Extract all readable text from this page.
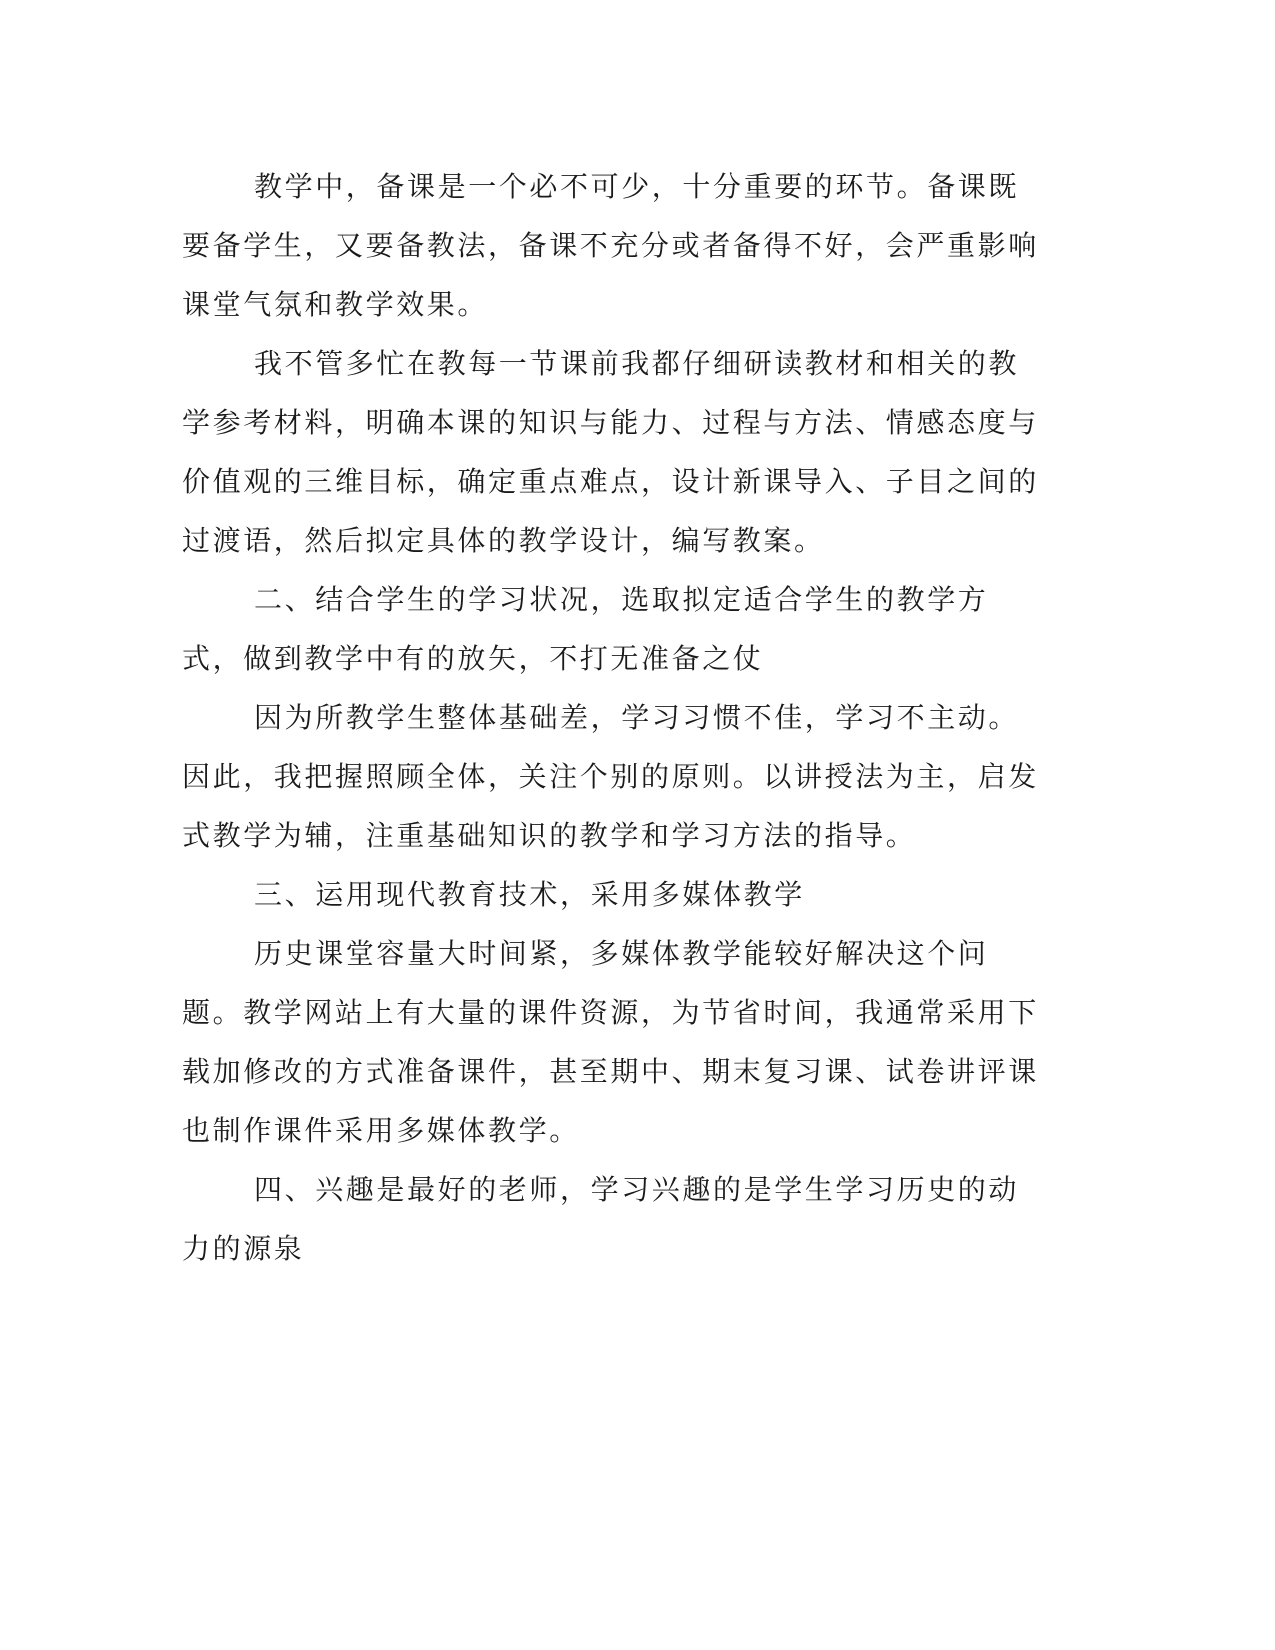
教学中，备课是一个必不可少，十分重要的环节。备课既要备学生，又要备教法，备课不充分或者备得不好，会严重影响课堂气氛和教学效果。

我不管多忙在教每一节课前我都仔细研读教材和相关的教学参考材料，明确本课的知识与能力、过程与方法、情感态度与价值观的三维目标，确定重点难点，设计新课导入、子目之间的过渡语，然后拟定具体的教学设计，编写教案。

二、结合学生的学习状况，选取拟定适合学生的教学方式，做到教学中有的放矢，不打无准备之仗

因为所教学生整体基础差，学习习惯不佳，学习不主动。因此，我把握照顾全体，关注个别的原则。以讲授法为主，启发式教学为辅，注重基础知识的教学和学习方法的指导。

三、运用现代教育技术，采用多媒体教学

历史课堂容量大时间紧，多媒体教学能较好解决这个问题。教学网站上有大量的课件资源，为节省时间，我通常采用下载加修改的方式准备课件，甚至期中、期末复习课、试卷讲评课也制作课件采用多媒体教学。

四、兴趣是最好的老师，学习兴趣的是学生学习历史的动力的源泉
